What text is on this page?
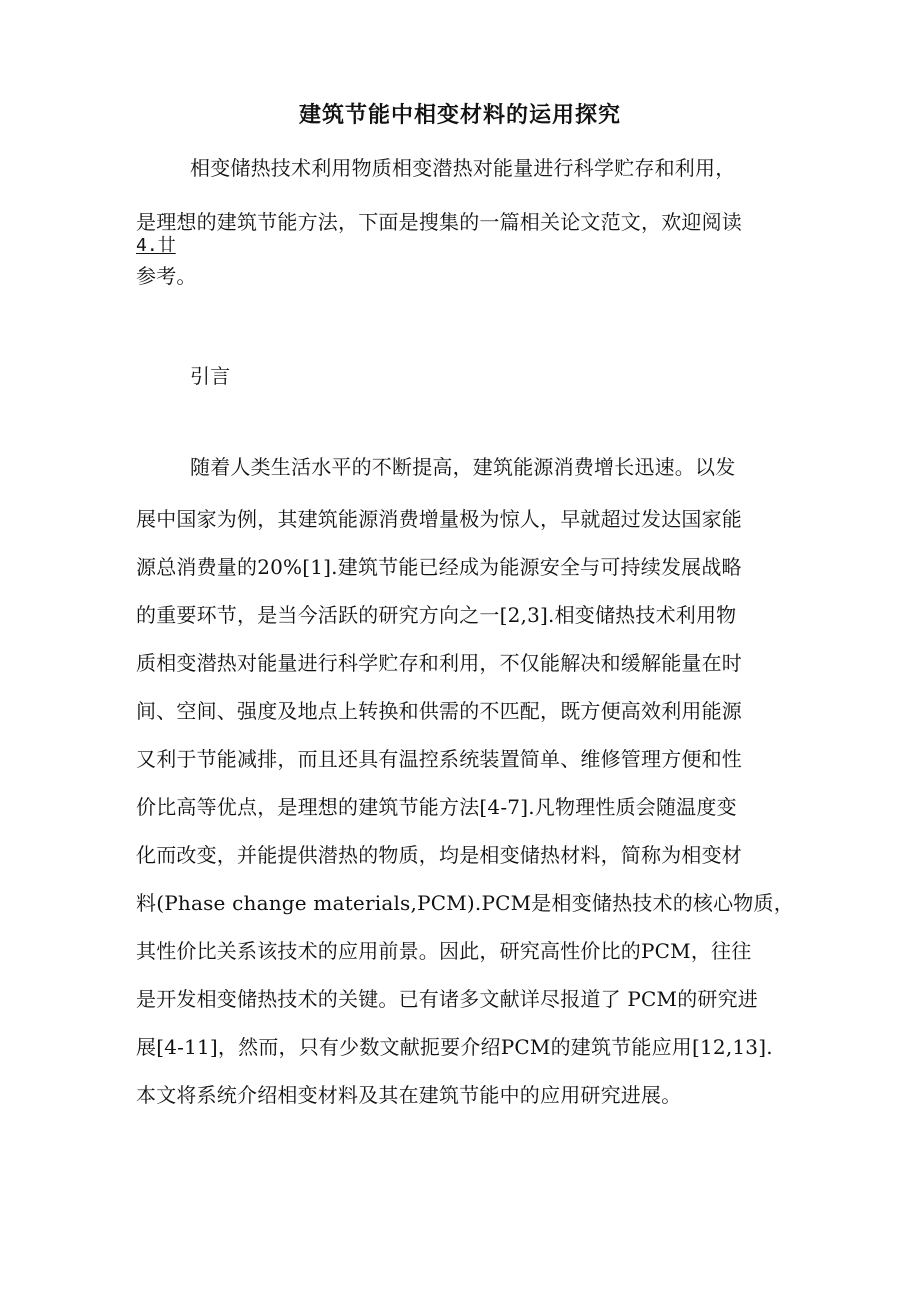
建筑节能中相变材料的运用探究
相变储热技术利用物质相变潜热对能量进行科学贮存和利用，
是理想的建筑节能方法，下面是搜集的一篇相关论文范文，欢迎阅读
4.廿
参考。
引言
随着人类生活水平的不断提高，建筑能源消费增长迅速。以发
展中国家为例，其建筑能源消费增量极为惊人，早就超过发达国家能
源总消费量的20%[1].建筑节能已经成为能源安全与可持续发展战略
的重要环节，是当今活跃的研究方向之一[2,3].相变储热技术利用物
质相变潜热对能量进行科学贮存和利用，不仅能解决和缓解能量在时
间、空间、强度及地点上转换和供需的不匹配，既方便高效利用能源
又利于节能减排，而且还具有温控系统装置简单、维修管理方便和性
价比高等优点，是理想的建筑节能方法[4-7].凡物理性质会随温度变
化而改变，并能提供潜热的物质，均是相变储热材料，简称为相变材
料(Phase change materials,PCM).PCM是相变储热技术的核心物质，
其性价比关系该技术的应用前景。因此，研究高性价比的PCM，往往
是开发相变储热技术的关键。已有诸多文献详尽报道了 PCM的研究进
展[4-11]，然而，只有少数文献扼要介绍PCM的建筑节能应用[12,13].
本文将系统介绍相变材料及其在建筑节能中的应用研究进展。
